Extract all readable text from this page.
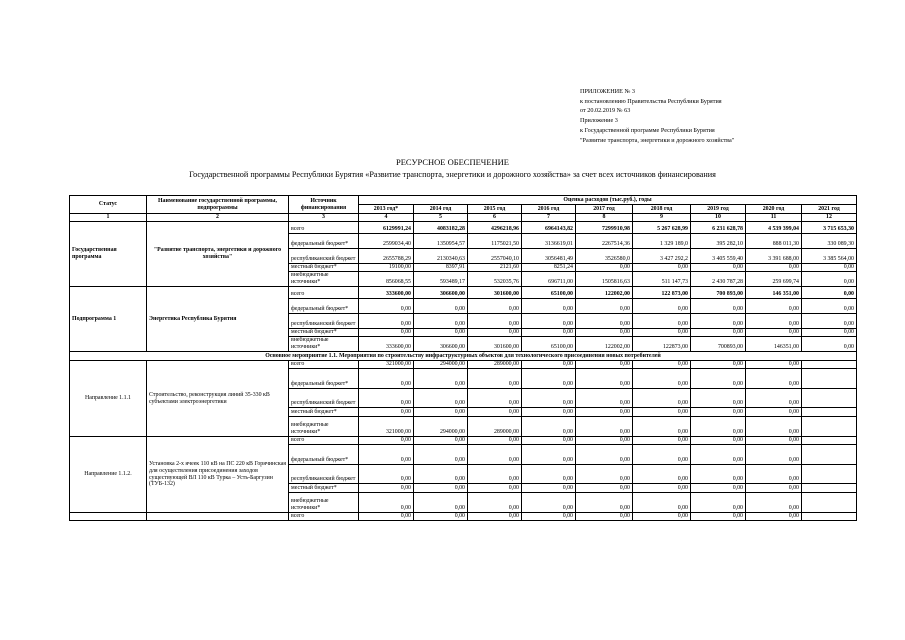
ПРИЛОЖЕНИЕ № 3
к постановлению Правительства Республики Бурятия
от 20.02.2019 № 63
Приложение 3
к Государственной программе Республики Бурятия
"Развитие транспорта, энергетики и дорожного хозяйства"
РЕСУРСНОЕ ОБЕСПЕЧЕНИЕ
Государственной программы Республики Бурятия «Развитие транспорта, энергетики и дорожного хозяйства» за счет всех источников финансирования
Статус	Наименование государственной программы, подпрограммы	Источник финансирования	Оценка расходов (тыс.руб.), годы								
			2013 год*	2014 год	2015 год	2016 год	2017 год	2018 год	2019 год	2020 год	2021 год
1	2	3	4	5	6	7	8	9	10	11	12
Государственная программа	"Развитие транспорта, энергетики и дорожного хозяйства"	всего	6129991,24	4083182,28	4296218,96	6964143,82	7299910,98	5 267 628,99	6 231 628,78	4 539 399,04	3 715 653,30
		федеральный бюджет*	2599034,40	1350954,57	1175021,50	3136619,01	2267514,36	1 329 189,0	395 282,10	888 011,30	330 089,30
		республиканский бюджет	2655788,29	2130340,63	2557040,10	3056481,49	3526580,0	3 427 292,2	3 405 559,40	3 391 688,00	3 385 564,00
		местный бюджет*	19100,00	8397,91	2121,60	8251,24	0,00	0,00	0,00	0,00	0,00
		внебюджетные источники*	856068,55	593489,17	532035,76	696711,00	1505816,63	511 147,73	2 430 787,28	259 699,74	0,00
Подпрограмма 1	Энергетика Республика Бурятия	всего	333600,00	306600,00	301600,00	65100,00	122002,00	122 873,00	700 893,00	146 351,00	0,00
		федеральный бюджет*	0,00	0,00	0,00	0,00	0,00	0,00	0,00	0,00	0,00
		республиканский бюджет	0,00	0,00	0,00	0,00	0,00	0,00	0,00	0,00	0,00
		местный бюджет*	0,00	0,00	0,00	0,00	0,00	0,00	0,00	0,00	0,00
		внебюджетные источники*	333600,00	306600,00	301600,00	65100,00	122002,00	122873,00	700893,00	146351,00	0,00
Основное мероприятие 1.1. Мероприятия по строительству инфраструктурных объектов для технологического присоединения новых потребителей											
Направление 1.1.1	Строительство, реконструкция линий 35-330 кВ субъектами электроэнергетики	всего	321000,00	294000,00	289000,00	0,00	0,00	0,00	0,00	0,00	
		федеральный бюджет*	0,00	0,00	0,00	0,00	0,00	0,00	0,00	0,00	
		республиканский бюджет	0,00	0,00	0,00	0,00	0,00	0,00	0,00	0,00	
		местный бюджет*	0,00	0,00	0,00	0,00	0,00	0,00	0,00	0,00	
		внебюджетные источники*	321000,00	294000,00	289000,00	0,00	0,00	0,00	0,00	0,00	
Направление 1.1.2.	Установка 2-х ячеек 110 кВ на ПС 220 кВ Горячинская для осуществления присоединения заходов существующей ВЛ 110 кВ Турка – Усть-Баргузин (ТУБ-132)	всего	0,00	0,00	0,00	0,00	0,00	0,00	0,00	0,00	
		федеральный бюджет*	0,00	0,00	0,00	0,00	0,00	0,00	0,00	0,00	
		республиканский бюджет	0,00	0,00	0,00	0,00	0,00	0,00	0,00	0,00	
		местный бюджет*	0,00	0,00	0,00	0,00	0,00	0,00	0,00	0,00	
		внебюджетные источники*	0,00	0,00	0,00	0,00	0,00	0,00	0,00	0,00	
		всего	0,00	0,00	0,00	0,00	0,00	0,00	0,00	0,00	
